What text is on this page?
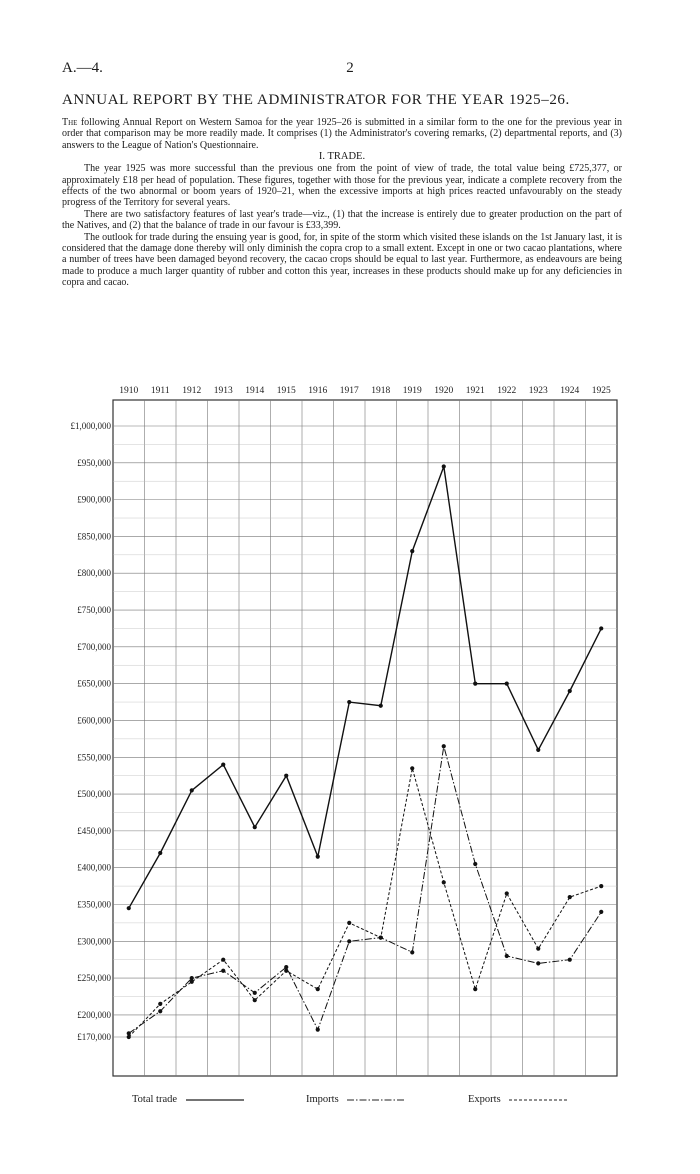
A.—4.	2
ANNUAL REPORT BY THE ADMINISTRATOR FOR THE YEAR 1925–26.

The following Annual Report on Western Samoa for the year 1925–26 is submitted in a similar form to the one for the previous year in order that comparison may be more readily made. It comprises (1) the Administrator's covering remarks, (2) departmental reports, and (3) answers to the League of Nation's Questionnaire.

I. TRADE.

The year 1925 was more successful than the previous one from the point of view of trade, the total value being £725,377, or approximately £18 per head of population. These figures, together with those for the previous year, indicate a complete recovery from the effects of the two abnormal or boom years of 1920–21, when the excessive imports at high prices reacted unfavourably on the steady progress of the Territory for several years.

There are two satisfactory features of last year's trade—viz., (1) that the increase is entirely due to greater production on the part of the Natives, and (2) that the balance of trade in our favour is £33,399.

The outlook for trade during the ensuing year is good, for, in spite of the storm which visited these islands on the 1st January last, it is considered that the damage done thereby will only diminish the copra crop to a small extent. Except in one or two cacao plantations, where a number of trees have been damaged beyond recovery, the cacao crops should be equal to last year. Furthermore, as endeavours are being made to produce a much larger quantity of rubber and cotton this year, increases in these products should make up for any deficiencies in copra and cacao.

1910 1911 1912 1913 1914 1915 1916 1917 1918 1919 1920 1921 1922 1923 1924 1925
£1,000,000
£950,000
£900,000
£850,000
£800,000
£750,000
£700,000
£650,000
£600,000
£550,000
£500,000
£450,000
£400,000
£350,000
£300,000
£250,000
£200,000
£170,000
Total trade	Imports	Exports
